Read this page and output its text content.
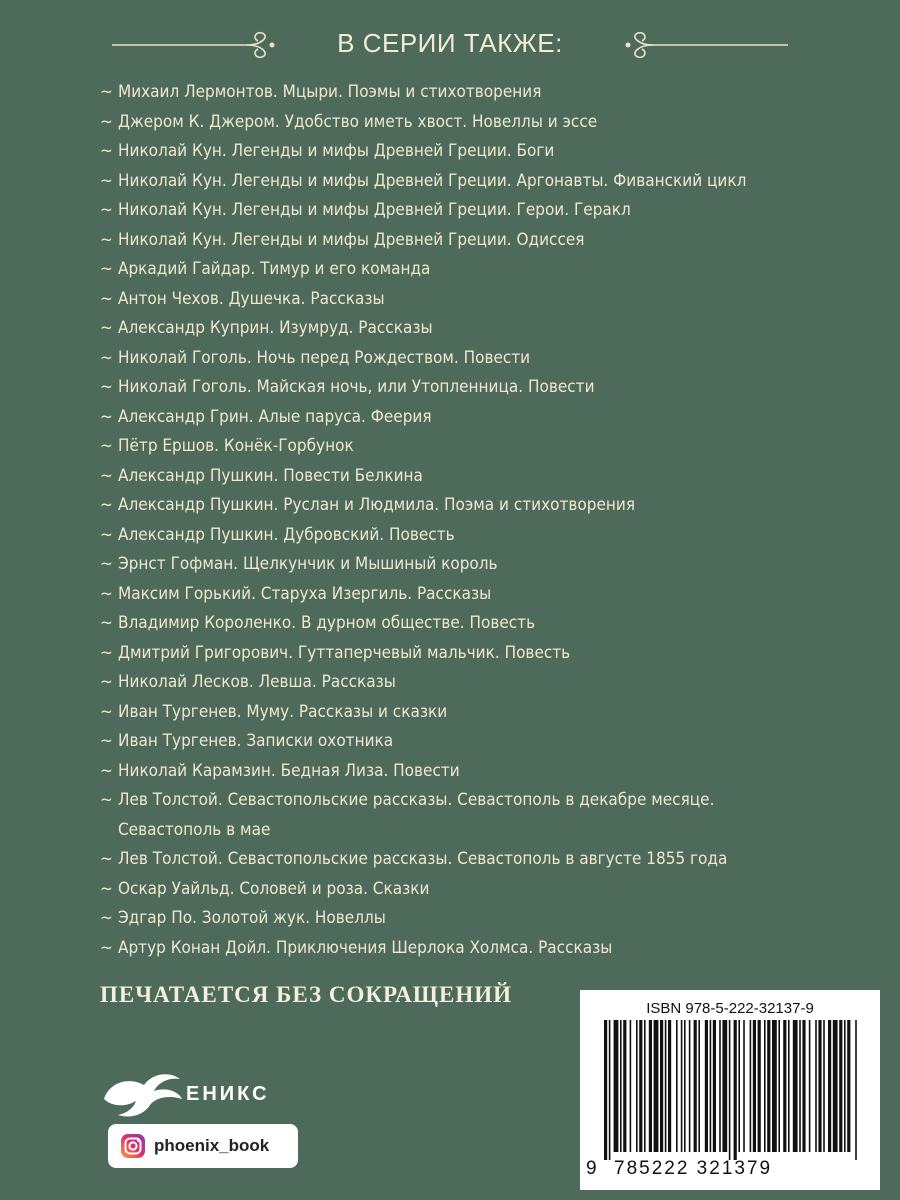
В СЕРИИ ТАКЖЕ:
~ Михаил Лермонтов. Мцыри. Поэмы и стихотворения
~ Джером К. Джером. Удобство иметь хвост. Новеллы и эссе
~ Николай Кун. Легенды и мифы Древней Греции. Боги
~ Николай Кун. Легенды и мифы Древней Греции. Аргонавты. Фиванский цикл
~ Николай Кун. Легенды и мифы Древней Греции. Герои. Геракл
~ Николай Кун. Легенды и мифы Древней Греции. Одиссея
~ Аркадий Гайдар. Тимур и его команда
~ Антон Чехов. Душечка. Рассказы
~ Александр Куприн. Изумруд. Рассказы
~ Николай Гоголь. Ночь перед Рождеством. Повести
~ Николай Гоголь. Майская ночь, или Утопленница. Повести
~ Александр Грин. Алые паруса. Феерия
~ Пётр Ершов. Конёк-Горбунок
~ Александр Пушкин. Повести Белкина
~ Александр Пушкин. Руслан и Людмила. Поэма и стихотворения
~ Александр Пушкин. Дубровский. Повесть
~ Эрнст Гофман. Щелкунчик и Мышиный король
~ Максим Горький. Старуха Изергиль. Рассказы
~ Владимир Короленко. В дурном обществе. Повесть
~ Дмитрий Григорович. Гуттаперчевый мальчик. Повесть
~ Николай Лесков. Левша. Рассказы
~ Иван Тургенев. Муму. Рассказы и сказки
~ Иван Тургенев. Записки охотника
~ Николай Карамзин. Бедная Лиза. Повести
~ Лев Толстой. Севастопольские рассказы. Севастополь в декабре месяце.
Севастополь в мае
~ Лев Толстой. Севастопольские рассказы. Севастополь в августе 1855 года
~ Оскар Уайльд. Соловей и роза. Сказки
~ Эдгар По. Золотой жук. Новеллы
~ Артур Конан Дойл. Приключения Шерлока Холмса. Рассказы
ПЕЧАТАЕТСЯ БЕЗ СОКРАЩЕНИЙ
ЕНИКС
phoenix_book
ISBN 978-5-222-32137-9
9 785222 321379
